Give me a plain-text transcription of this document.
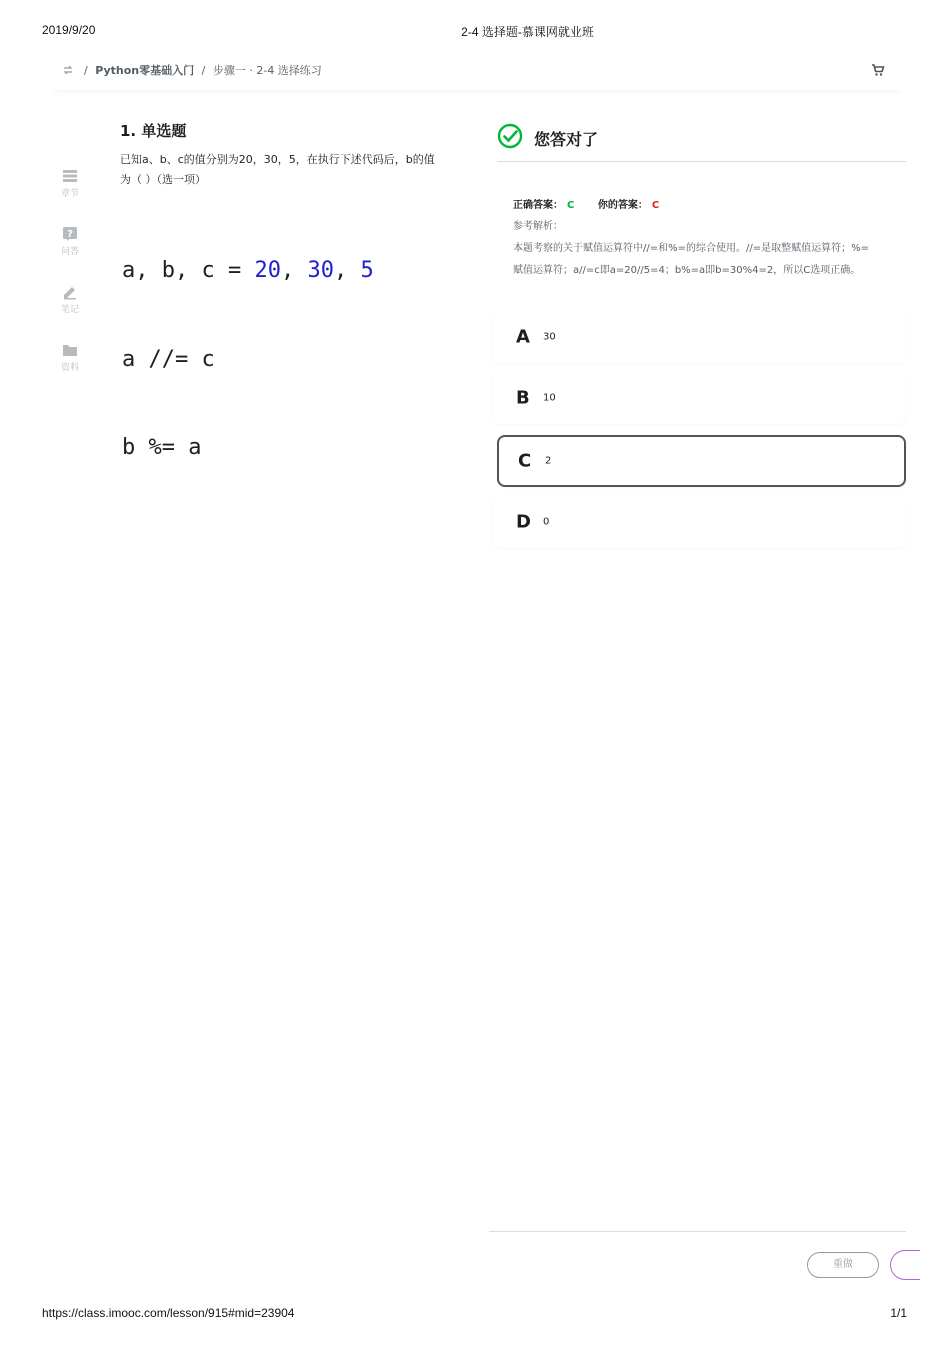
2019/9/20	2-4 选择题-慕课网就业班
/ Python零基础入门 / 步骤一 · 2-4 选择练习
章节
?
问答
笔记
资料
1. 单选题
已知a、b、c的值分别为20，30，5，在执行下述代码后，b的值为（ ）（选一项）

a, b, c = 20, 30, 5

a //= c

b %= a

您答对了
正确答案： C 你的答案： C
参考解析：
本题考察的关于赋值运算符中//=和%=的综合使用。//=是取整赋值运算符；%=
赋值运算符；a//=c即a=20//5=4；b%=a即b=30%4=2，所以C选项正确。
A 30
B 10
C 2
D 0
重做
https://class.imooc.com/lesson/915#mid=23904	1/1
